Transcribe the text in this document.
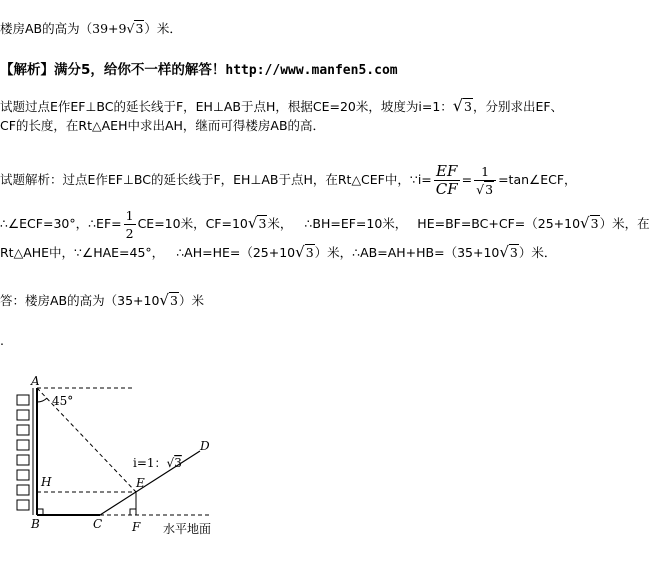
楼房AB的高为（39+9√3）米．
【解析】满分5，给你不一样的解答！http://www.manfen5.com
试题过点E作EF⊥BC的延长线于F，EH⊥AB于点H，根据CE=20米，坡度为i=1：√3，分别求出EF、
CF的长度，在Rt△AEH中求出AH，继而可得楼房AB的高．
试题解析：过点E作EF⊥BC的延长线于F，EH⊥AB于点H，在Rt△CEF中，∵i= $\frac{EF}{CF} = \frac{1}{√3}$ =tan∠ECF，
∴∠ECF=30°，∴EF= $\frac{1}{2} CE=10$米，CF=10√3米， ∴BH=EF=10米， HE=BF=BC+CF=（25+10√3）米，在
Rt△AHE中，∵∠HAE=45°， ∴AH=HE=（25+10√3）米，∴AB=AH+HB=（35+10√3）米．
答：楼房AB的高为（35+10√3）米
.
A
B	C
D
E
F
H
45°
i=1：√3
水平地面
